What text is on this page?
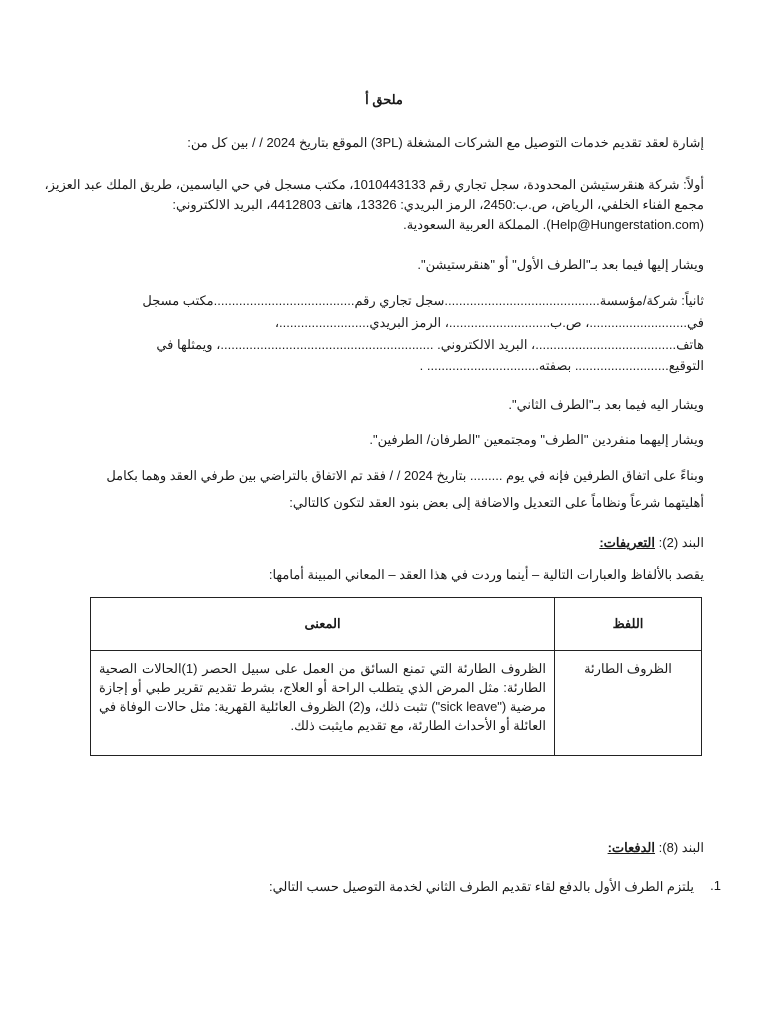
ملحق أ
إشارة لعقد تقديم خدمات التوصيل مع الشركات المشغلة (3PL) الموقع بتاريخ 2024 / / بين كل من:
أولاً: شركة هنقرستيشن المحدودة، سجل تجاري رقم 1010443133، مكتب مسجل في حي الياسمين، طريق الملك عبد العزيز،
مجمع الفناء الخلفي، الرياض، ص.ب:2450، الرمز البريدي: 13326، هاتف 4412803، البريد الالكتروني:
(Help@Hungerstation.com). المملكة العربية السعودية.
ويشار إليها فيما بعد بـ"الطرف الأول" أو "هنقرستيشن".
ثانياً: شركة/مؤسسة...........................................سجل تجاري رقم.......................................مكتب مسجل
في...........................، ص.ب............................، الرمز البريدي.........................،
هاتف.......................................، البريد الالكتروني. ...........................................................، ويمثلها في
التوقيع.......................... بصفته............................... .
ويشار اليه فيما بعد بـ"الطرف الثاني".
ويشار إليهما منفردين "الطرف" ومجتمعين "الطرفان/ الطرفين".
وبناءً على اتفاق الطرفين فإنه في يوم ......... بتاريخ 2024 / / فقد تم الاتفاق بالتراضي بين طرفي العقد وهما بكامل
أهليتهما شرعاً ونظاماً على التعديل والاضافة إلى بعض بنود العقد لتكون كالتالي:
البند (2): التعريفات:
يقصد بالألفاظ والعبارات التالية – أينما وردت في هذا العقد – المعاني المبينة أمامها:
اللفظ	المعنى
الظروف الطارئة	الظروف الطارئة التي تمنع السائق من العمل على سبيل الحصر (1)الحالات الصحية الطارئة: مثل المرض الذي يتطلب الراحة أو العلاج، بشرط تقديم تقرير طبي أو إجازة مرضية ("sick leave") تثبت ذلك، و(2) الظروف العائلية القهرية: مثل حالات الوفاة في العائلة أو الأحداث الطارئة، مع تقديم مايثبت ذلك.
البند (8): الدفعات:
1.
يلتزم الطرف الأول بالدفع لقاء تقديم الطرف الثاني لخدمة التوصيل حسب التالي:
